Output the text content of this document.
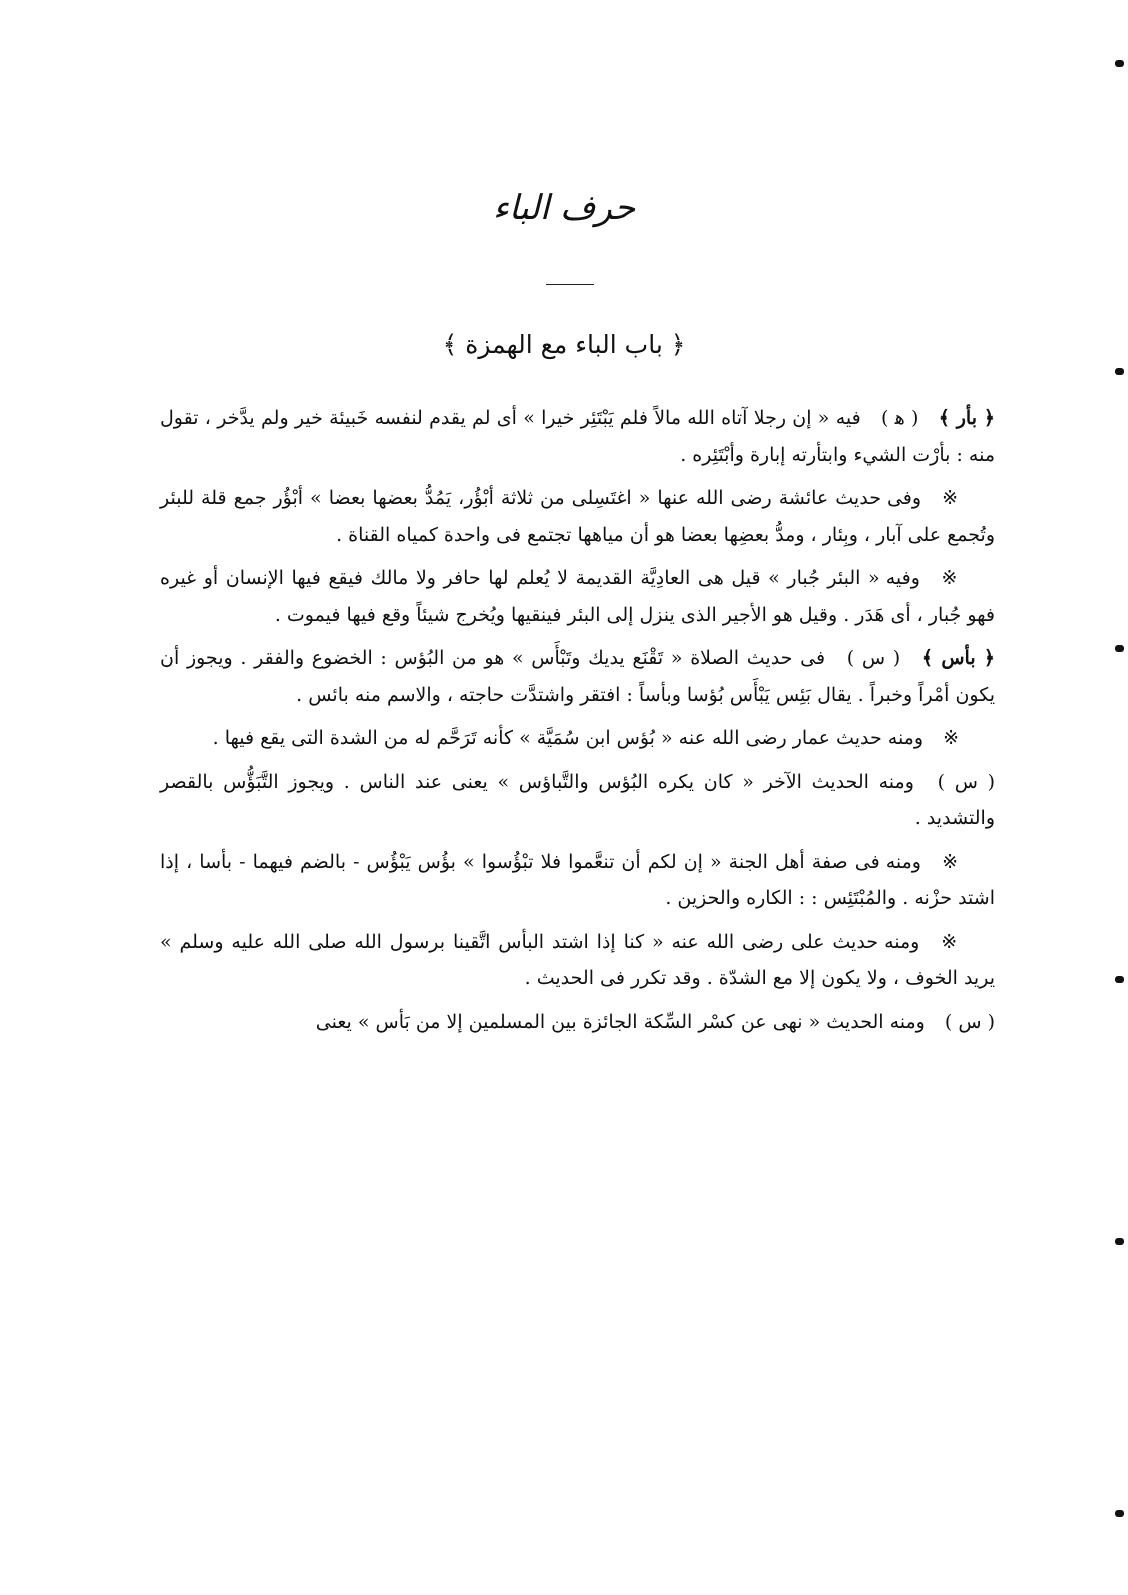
حرف الباء
﴿ باب الباء مع الهمزة ﴾

﴿ بأر ﴾ ( ﻫ ) فيه « إن رجلا آتاه الله مالاً فلم يَبْتَئِر خيرا » أى لم يقدم لنفسه خَبيئة خير ولم يدَّخر ، تقول منه : بأرْت الشيء وابتأرته إبارة وأبْتَئِره .

※ وفى حديث عائشة رضى الله عنها « اغتَسِلى من ثلاثة أبْؤُر، يَمُدُّ بعضها بعضا » أبْؤُر جمع قلة للبئر وتُجمع على آبار ، وبِئار ، ومدُّ بعضِها بعضا هو أن مياهها تجتمع فى واحدة كمياه القناة .

※ وفيه « البئر جُبار » قيل هى العادِيَّة القديمة لا يُعلم لها حافر ولا مالك فيقع فيها الإنسان أو غيره فهو جُبار ، أى هَدَر . وقيل هو الأجير الذى ينزل إلى البئر فينقيها ويُخرج شيئاً وقع فيها فيموت .

﴿ بأس ﴾ ( س ) فى حديث الصلاة « تَقْنَع يديك وتَبْأَس » هو من البُؤس : الخضوع والفقر . ويجوز أن يكون أمْراً وخبراً . يقال بَئِس يَبْأَس بُؤسا وبأساً : افتقر واشتدَّت حاجته ، والاسم منه بائس .

※ ومنه حديث عمار رضى الله عنه « بُؤس ابن سُمَيَّة » كأنه تَرَحَّم له من الشدة التى يقع فيها .

( س ) ومنه الحديث الآخر « كان يكره البُؤس والتَّباؤس » يعنى عند الناس . ويجوز التَّبَؤُّس بالقصر والتشديد .

※ ومنه فى صفة أهل الجنة « إن لكم أن تنعَّموا فلا تبْؤُسوا » بؤُس يَبْؤُس - بالضم فيهما - بأسا ، إذا اشتد حزْنه . والمُبْتَئِس : : الكاره والحزين .

※ ومنه حديث على رضى الله عنه « كنا إذا اشتد البأس اتَّقينا برسول الله صلى الله عليه وسلم » يريد الخوف ، ولا يكون إلا مع الشدّة . وقد تكرر فى الحديث .

( س ) ومنه الحديث « نهى عن كسْر السِّكة الجائزة بين المسلمين إلا من بَأس » يعنى
